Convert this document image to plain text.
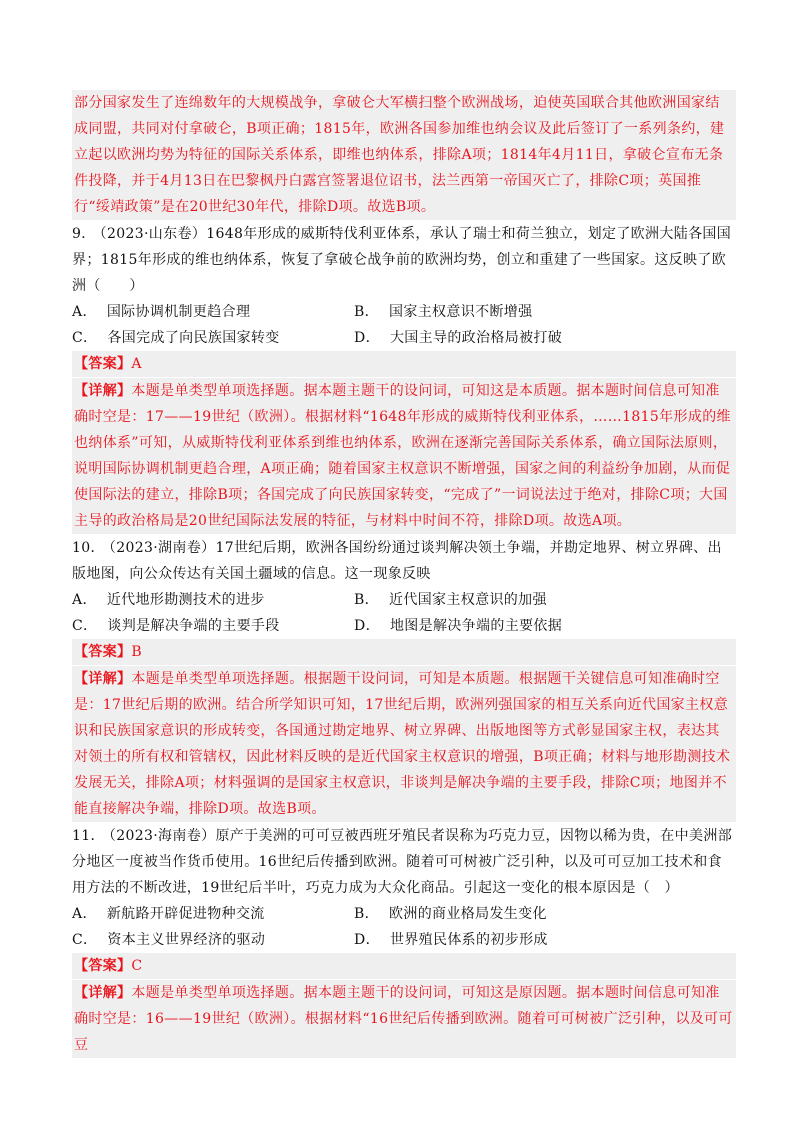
部分国家发生了连绵数年的大规模战争，拿破仑大军横扫整个欧洲战场，迫使英国联合其他欧洲国家结成同盟，共同对付拿破仑，B项正确；1815年，欧洲各国参加维也纳会议及此后签订了一系列条约，建立起以欧洲均势为特征的国际关系体系，即维也纳体系，排除A项；1814年4月11日，拿破仑宣布无条件投降，并于4月13日在巴黎枫丹白露宫签署退位诏书，法兰西第一帝国灭亡了，排除C项；英国推行“绥靖政策”是在20世纪30年代，排除D项。故选B项。

9． （2023·山东卷）1648年形成的威斯特伐利亚体系，承认了瑞士和荷兰独立，划定了欧洲大陆各国国界；1815年形成的维也纳体系，恢复了拿破仑战争前的欧洲均势，创立和重建了一些国家。这反映了欧洲（　　）

A． 国际协调机制更趋合理	B． 国家主权意识不断增强
C． 各国完成了向民族国家转变	D． 大国主导的政治格局被打破
【答案】A
【详解】本题是单类型单项选择题。据本题主题干的设问词，可知这是本质题。据本题时间信息可知准确时空是：17——19世纪（欧洲）。根据材料“1648年形成的威斯特伐利亚体系，……1815年形成的维也纳体系”可知，从威斯特伐利亚体系到维也纳体系，欧洲在逐渐完善国际关系体系，确立国际法原则，说明国际协调机制更趋合理，A项正确；随着国家主权意识不断增强，国家之间的利益纷争加剧，从而促使国际法的建立，排除B项；各国完成了向民族国家转变，“完成了”一词说法过于绝对，排除C项；大国主导的政治格局是20世纪国际法发展的特征，与材料中时间不符，排除D项。故选A项。

10． （2023·湖南卷）17世纪后期，欧洲各国纷纷通过谈判解决领土争端，并勘定地界、树立界碑、出版地图，向公众传达有关国土疆域的信息。这一现象反映

A． 近代地形勘测技术的进步	B． 近代国家主权意识的加强
C． 谈判是解决争端的主要手段	D． 地图是解决争端的主要依据
【答案】B
【详解】本题是单类型单项选择题。根据题干设问词，可知是本质题。根据题干关键信息可知准确时空是：17世纪后期的欧洲。结合所学知识可知，17世纪后期，欧洲列强国家的相互关系向近代国家主权意识和民族国家意识的形成转变，各国通过勘定地界、树立界碑、出版地图等方式彰显国家主权，表达其对领土的所有权和管辖权，因此材料反映的是近代国家主权意识的增强，B项正确；材料与地形勘测技术发展无关，排除A项；材料强调的是国家主权意识，非谈判是解决争端的主要手段，排除C项；地图并不能直接解决争端，排除D项。故选B项。

11． （2023·海南卷）原产于美洲的可可豆被西班牙殖民者误称为巧克力豆，因物以稀为贵，在中美洲部分地区一度被当作货币使用。16世纪后传播到欧洲。随着可可树被广泛引种，以及可可豆加工技术和食用方法的不断改进，19世纪后半叶，巧克力成为大众化商品。引起这一变化的根本原因是（　）

A． 新航路开辟促进物种交流	B． 欧洲的商业格局发生变化
C． 资本主义世界经济的驱动	D． 世界殖民体系的初步形成
【答案】C
【详解】本题是单类型单项选择题。据本题主题干的设问词，可知这是原因题。据本题时间信息可知准确时空是：16——19世纪（欧洲）。根据材料“16世纪后传播到欧洲。随着可可树被广泛引种，以及可可豆
